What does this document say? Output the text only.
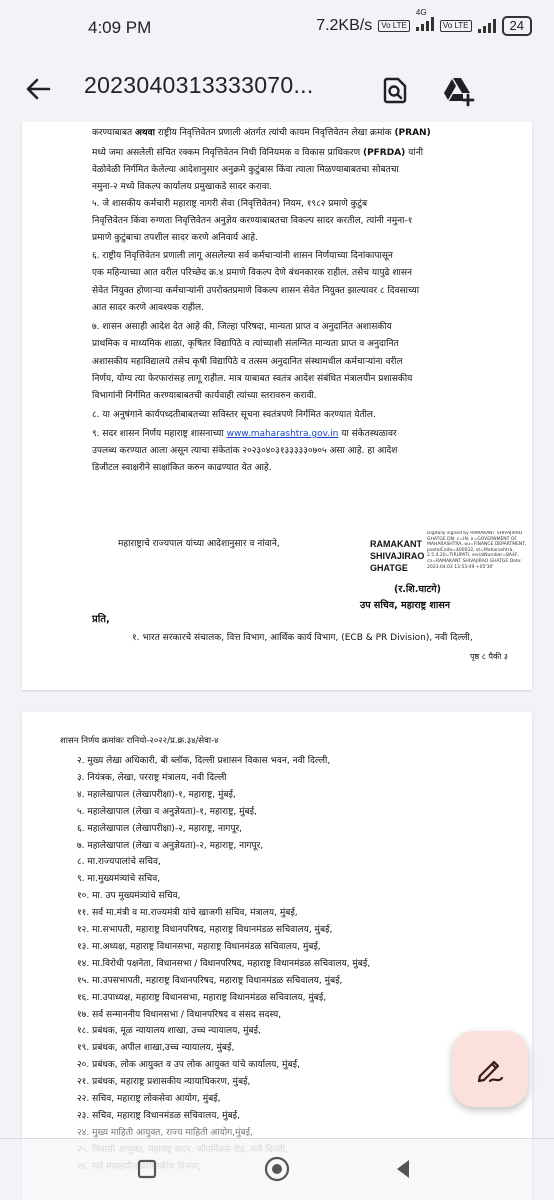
4:09 PM	7.2KB/s	Vo LTE
4G
Vo LTE	24
2023040313333070...
करण्याबाबत अथवा राष्ट्रीय निवृत्तिवेतन प्रणाली अंतर्गत त्यांची कायम निवृत्तिवेतन लेखा क्रमांक (PRAN)
मध्ये जमा असलेली संचित रक्कम निवृत्तिवेतन निधी विनियमक व विकास प्राधिकरण (PFRDA) यांनी
वेळोवेळी निर्गमित केलेल्या आदेशानुसार अनुक्रमे कुटुंबास किंवा त्याला मिळण्याबाबतचा सोबतचा
नमुना-२ मध्ये विकल्प कार्यालय प्रमुखाकडे सादर करावा.
५. जे शासकीय कर्मचारी महाराष्ट्र नागरी सेवा (निवृत्तिवेतन) नियम, १९८२ प्रमाणे कुटुंब
निवृत्तिवेतन किंवा रुग्णता निवृत्तिवेतन अनुज्ञेय करण्याबाबतचा विकल्प सादर करतील, त्यांनी नमुना-१
प्रमाणे कुटुंबाचा तपशील सादर करणे अनिवार्य आहे.
६. राष्ट्रीय निवृत्तिवेतन प्रणाली लागू असलेल्या सर्व कर्मचाऱ्यांनी शासन निर्णयाच्या दिनांकापासून
एक महिन्याच्या आत वरील परिच्छेद क्र.४ प्रमाणे विकल्प देणे बंधनकारक राहील. तसेच यापुढे शासन
सेवेत नियुक्त होणाऱ्या कर्मचाऱ्यांनी उपरोक्तप्रमाणे विकल्प शासन सेवेत नियुक्त झाल्यावर ८ दिवसाच्या
आत सादर करणे आवश्यक राहील.
७. शासन असाही आदेश देत आहे की, जिल्हा परिषदा, मान्यता प्राप्त व अनुदानित अशासकीय
प्राथमिक व माध्यमिक शाळा, कृषितर विद्यापिठे व त्यांच्याशी संलग्नित मान्यता प्राप्त व अनुदानित
अशासकीय महाविद्यालये तसेच कृषी विद्यापिठे व तत्सम अनुदानित संस्थामधील कर्मचाऱ्यांना वरील
निर्णय, योग्य त्या फेरफारांसह लागू राहील. मात्र याबाबत स्वतंत्र आदेश संबंधित मंत्रालयीन प्रशासकीय
विभागांनी निर्गमित करण्याबाबतची कार्यवाही त्यांच्या स्तरावरुन करावी.
८. या अनुषंगाने कार्यपध्दतीबाबतच्या सविस्तर सूचना स्वतंत्रपणे निर्गमित करण्यात येतील.
९. सदर शासन निर्णय महाराष्ट्र शासनाच्या www.maharashtra.gov.in या संकेतस्थळावर
उपलब्ध करण्यात आला असून त्याचा संकेतांक २०२३०४०३१३३३३३०७०५ असा आहे. हा आदेश
डिजीटल स्वाक्षरीने साक्षांकित करुन काढण्यात येत आहे.
महाराष्ट्राचे राज्यपाल यांच्या आदेशानुसार व नांवाने,	RAMAKANT
SHIVAJIRAO
GHATGE
Digitally signed by RAMAKANT SHIVAJIRAO GHATGE DN: c=IN, o=GOVERNMENT OF MAHARASHTRA, ou=FINANCE DEPARTMENT, postalCode=400032, st=Maharashtra, 2.5.4.20=TIRUPATI, serialNumber=8A4F, cn=RAMAKANT SHIVAJIRAO GHATGE Date: 2023.04.03 13:53:49 +05'30'
(र.शि.घाटगे)
उप सचिव, महाराष्ट्र शासन
प्रति,
१. भारत सरकारचे संचालक, वित्त विभाग, आर्थिक कार्य विभाग, (ECB & PR Division), नवी दिल्ली,
पृष्ठ ८ पैकी ३
शासन निर्णय क्रमांकः रानियो-२०२२/प्र.क्र.३४/सेवा-४
२. मुख्य लेखा अधिकारी, बी ब्लॉक, दिल्ली प्रशासन विकास भवन, नवी दिल्ली,
३. नियंत्रक, लेखा, परराष्ट्र मंत्रालय, नवी दिल्ली
४. महालेखापाल (लेखापरीक्षा)-१, महाराष्ट्र, मुंबई,
५. महालेखापाल (लेखा व अनुज्ञेयता)-१, महाराष्ट्र, मुंबई,
६. महालेखापाल (लेखापरीक्षा)-२, महाराष्ट्र, नागपूर,
७. महालेखापाल (लेखा व अनुज्ञेयता)-२, महाराष्ट्र, नागपूर,
८. मा.राज्यपालांचे सचिव,
९. मा.मुख्यमंत्र्यांचे सचिव,
१०. मा. उप मुख्यमंत्र्यांचे सचिव,
११. सर्व मा.मंत्री व मा.राज्यमंत्री यांचे खाजगी सचिव, मंत्रालय, मुंबई,
१२. मा.सभापती, महाराष्ट्र विधानपरिषद, महाराष्ट्र विधानमंडळ सचिवालय, मुंबई,
१३. मा.अध्यक्ष, महाराष्ट्र विधानसभा, महाराष्ट्र विधानमंडळ सचिवालय, मुंबई,
१४. मा.विरोधी पक्षनेता, विधानसभा / विधानपरिषद, महाराष्ट्र विधानमंडळ सचिवालय, मुंबई,
१५. मा.उपसभापती, महाराष्ट्र विधानपरिषद, महाराष्ट्र विधानमंडळ सचिवालय, मुंबई,
१६. मा.उपाध्यक्ष, महाराष्ट्र विधानसभा, महाराष्ट्र विधानमंडळ सचिवालय, मुंबई,
१७. सर्व सन्माननीय विधानसभा / विधानपरिषद व संसद सदस्य,
१८. प्रबंधक, मूळ न्यायालय शाखा, उच्च न्यायालय, मुंबई,
१९. प्रबंधक, अपील शाखा,उच्च न्यायालय, मुंबई,
२०. प्रबंधक, लोक आयुक्त व उप लोक आयुक्त यांचे कार्यालय, मुंबई,
२१. प्रबंधक, महाराष्ट्र प्रशासकीय न्यायाधिकरण, मुंबई,
२२. सचिव, महाराष्ट्र लोकसेवा आयोग, मुंबई,
२३. सचिव, महाराष्ट्र विधानमंडळ सचिवालय, मुंबई,
२४. मुख्य माहिती आयुक्त, राज्य माहिती आयोग,मुंबई,
